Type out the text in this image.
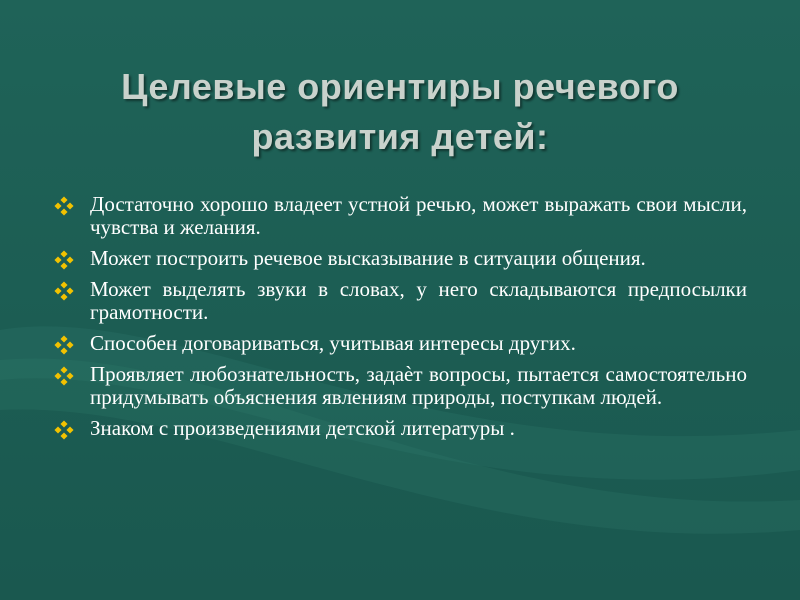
Целевые ориентиры речевого
развития детей:
Достаточно хорошо владеет устной речью, может выражать свои мысли, чувства и желания.
Может построить речевое высказывание в ситуации общения.
Может выделять звуки в словах, у него складываются предпосылки грамотности.
Способен договариваться, учитывая интересы других.
Проявляет любознательность, задаѐт вопросы, пытается самостоятельно придумывать объяснения явлениям природы, поступкам людей.
Знаком с произведениями детской литературы .
